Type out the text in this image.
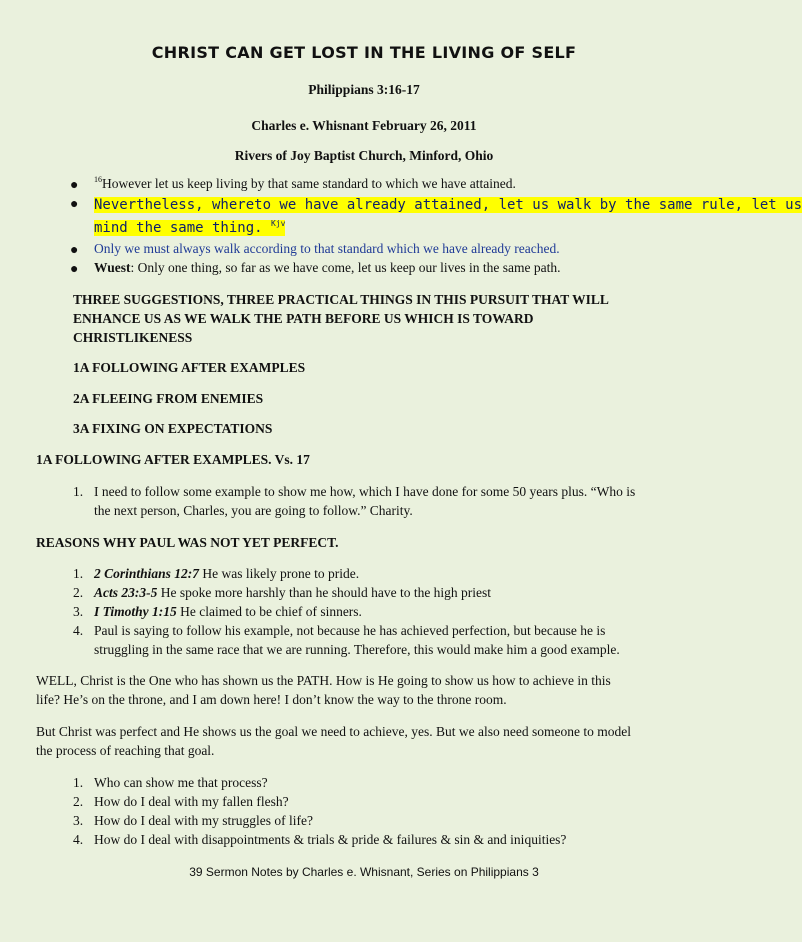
CHRIST CAN GET LOST IN THE LIVING OF SELF
Philippians 3:16-17
Charles e. Whisnant February 26, 2011
Rivers of Joy Baptist Church, Minford, Ohio
● $^{16}$However let us keep living by that same standard to which we have attained.
● Nevertheless, whereto we have already attained, let us walk by the same rule, let us
mind the same thing. $^{Kjv}$
● Only we must always walk according to that standard which we have already reached.
● Wuest: Only one thing, so far as we have come, let us keep our lives in the same path.
THREE SUGGESTIONS, THREE PRACTICAL THINGS IN THIS PURSUIT THAT WILL
ENHANCE US AS WE WALK THE PATH BEFORE US WHICH IS TOWARD
CHRISTLIKENESS
1A FOLLOWING AFTER EXAMPLES
2A FLEEING FROM ENEMIES
3A FIXING ON EXPECTATIONS
1A FOLLOWING AFTER EXAMPLES. Vs. 17
1. I need to follow some example to show me how, which I have done for some 50 years plus. “Who is
the next person, Charles, you are going to follow.” Charity.
REASONS WHY PAUL WAS NOT YET PERFECT.
1. 2 Corinthians 12:7 He was likely prone to pride.
2. Acts 23:3-5 He spoke more harshly than he should have to the high priest
3. I Timothy 1:15 He claimed to be chief of sinners.
4. Paul is saying to follow his example, not because he has achieved perfection, but because he is
struggling in the same race that we are running. Therefore, this would make him a good example.
WELL, Christ is the One who has shown us the PATH. How is He going to show us how to achieve in this
life? He’s on the throne, and I am down here! I don’t know the way to the throne room.
But Christ was perfect and He shows us the goal we need to achieve, yes. But we also need someone to model
the process of reaching that goal.
1. Who can show me that process?
2. How do I deal with my fallen flesh?
3. How do I deal with my struggles of life?
4. How do I deal with disappointments & trials & pride & failures & sin & and iniquities?
39 Sermon Notes by Charles e. Whisnant, Series on Philippians 3
